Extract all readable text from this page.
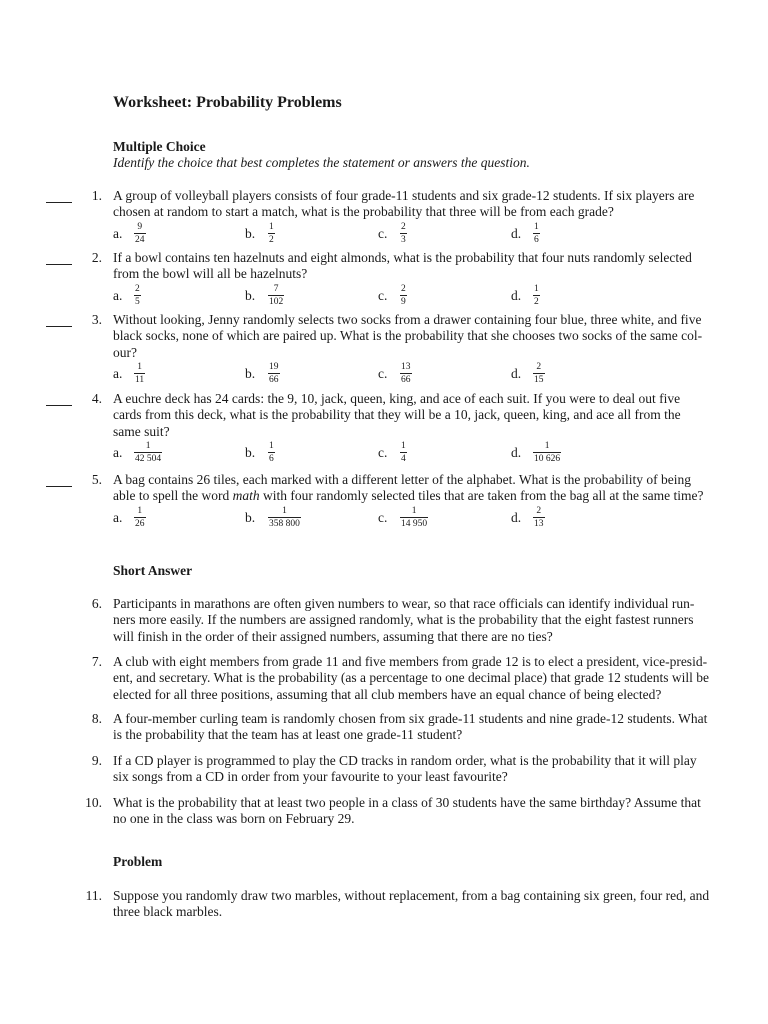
Worksheet: Probability Problems
Multiple Choice
Identify the choice that best completes the statement or answers the question.
1. A group of volleyball players consists of four grade-11 students and six grade-12 students. If six players are
chosen at random to start a match, what is the probability that three will be from each grade?
a. 9
24	b. 1
2	c. 2
3	d. 1
6
2. If a bowl contains ten hazelnuts and eight almonds, what is the probability that four nuts randomly selected
from the bowl will all be hazelnuts?
a. 2
5	b. 7
102	c. 2
9	d. 1
2
3. Without looking, Jenny randomly selects two socks from a drawer containing four blue, three white, and five
black socks, none of which are paired up. What is the probability that she chooses two socks of the same col-
our?
a. 1
11	b. 19
66	c. 13
66	d. 2
15
4. A euchre deck has 24 cards: the 9, 10, jack, queen, king, and ace of each suit. If you were to deal out five
cards from this deck, what is the probability that they will be a 10, jack, queen, king, and ace all from the
same suit?
a. 1
42 504	b. 1
6	c. 1
4	d. 1
10 626
5. A bag contains 26 tiles, each marked with a different letter of the alphabet. What is the probability of being
able to spell the word math with four randomly selected tiles that are taken from the bag all at the same time?
a. 1
26	b.	1
358 800	c.	1
14 950	d. 2
13
Short Answer
6. Participants in marathons are often given numbers to wear, so that race officials can identify individual run-
ners more easily. If the numbers are assigned randomly, what is the probability that the eight fastest runners
will finish in the order of their assigned numbers, assuming that there are no ties?
7. A club with eight members from grade 11 and five members from grade 12 is to elect a president, vice-presid-
ent, and secretary. What is the probability (as a percentage to one decimal place) that grade 12 students will be
elected for all three positions, assuming that all club members have an equal chance of being elected?
8. A four-member curling team is randomly chosen from six grade-11 students and nine grade-12 students. What
is the probability that the team has at least one grade-11 student?
9. If a CD player is programmed to play the CD tracks in random order, what is the probability that it will play
six songs from a CD in order from your favourite to your least favourite?
10. What is the probability that at least two people in a class of 30 students have the same birthday? Assume that
no one in the class was born on February 29.
Problem
11. Suppose you randomly draw two marbles, without replacement, from a bag containing six green, four red, and
three black marbles.
